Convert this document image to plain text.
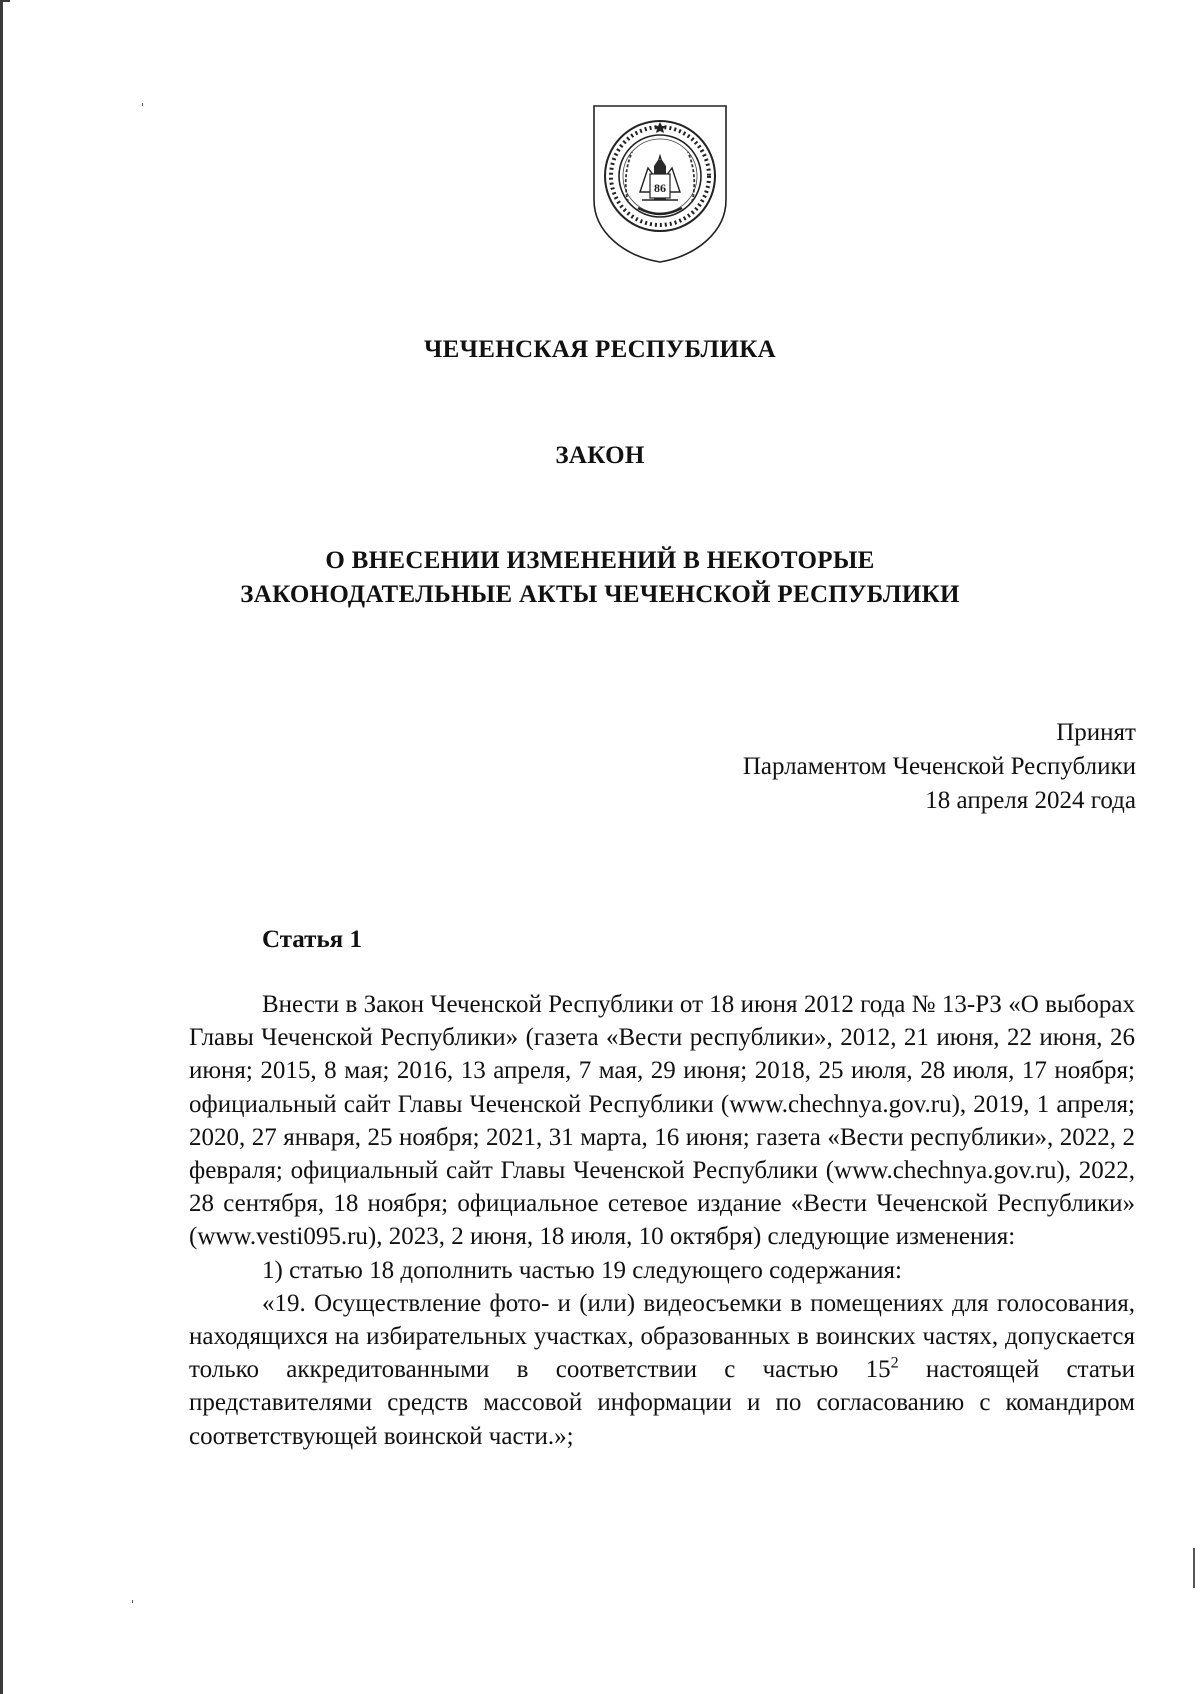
86
ЧЕЧЕНСКАЯ РЕСПУБЛИКА
ЗАКОН
О ВНЕСЕНИИ ИЗМЕНЕНИЙ В НЕКОТОРЫЕ
ЗАКОНОДАТЕЛЬНЫЕ АКТЫ ЧЕЧЕНСКОЙ РЕСПУБЛИКИ
Принят
Парламентом Чеченской Республики
18 апреля 2024 года
Статья 1

Внести в Закон Чеченской Республики от 18 июня 2012 года № 13-РЗ «О выборах Главы Чеченской Республики» (газета «Вести республики», 2012, 21 июня, 22 июня, 26 июня; 2015, 8 мая; 2016, 13 апреля, 7 мая, 29 июня; 2018, 25 июля, 28 июля, 17 ноября; официальный сайт Главы Чеченской Республики (www.chechnya.gov.ru), 2019, 1 апреля; 2020, 27 января, 25 ноября; 2021, 31 марта, 16 июня; газета «Вести республики», 2022, 2 февраля; официальный сайт Главы Чеченской Республики (www.chechnya.gov.ru), 2022, 28 сентября, 18 ноября; официальное сетевое издание «Вести Чеченской Республики» (www.vesti095.ru), 2023, 2 июня, 18 июля, 10 октября) следующие изменения:

1) статью 18 дополнить частью 19 следующего содержания:

«19. Осуществление фото- и (или) видеосъемки в помещениях для голосования, находящихся на избирательных участках, образованных в воинских частях, допускается только аккредитованными в соответствии с частью $15^2$ настоящей статьи представителями средств массовой информации и по согласованию с командиром соответствующей воинской части.»;
